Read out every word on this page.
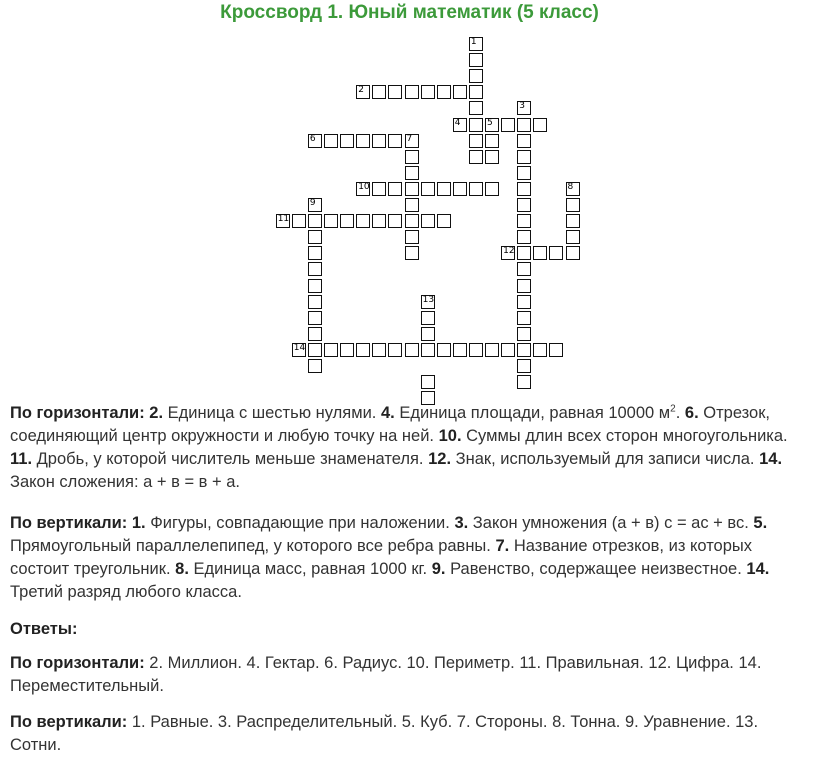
Кроссворд 1. Юный математик (5 класс)
1
2
3
4	5
6	7
10	8
9
11
12
13
14
По горизонтали: 2. Единица с шестью нулями. 4. Единица площади, равная 10000 $м^2$. 6. Отрезок, соединяющий центр окружности и любую точку на ней. 10. Суммы длин всех сторон многоугольника. 11. Дробь, у которой числитель меньше знаменателя. 12. Знак, используемый для записи числа. 14. Закон сложения: а + в = в + а.
По вертикали: 1. Фигуры, совпадающие при наложении. 3. Закон умножения (а + в) с = ас + вс. 5. Прямоугольный параллелепипед, у которого все ребра равны. 7. Название отрезков, из которых состоит треугольник. 8. Единица масс, равная 1000 кг. 9. Равенство, содержащее неизвестное. 14. Третий разряд любого класса.
Ответы:
По горизонтали: 2. Миллион. 4. Гектар. 6. Радиус. 10. Периметр. 11. Правильная. 12. Цифра. 14. Переместительный.
По вертикали: 1. Равные. 3. Распределительный. 5. Куб. 7. Стороны. 8. Тонна. 9. Уравнение. 13. Сотни.
